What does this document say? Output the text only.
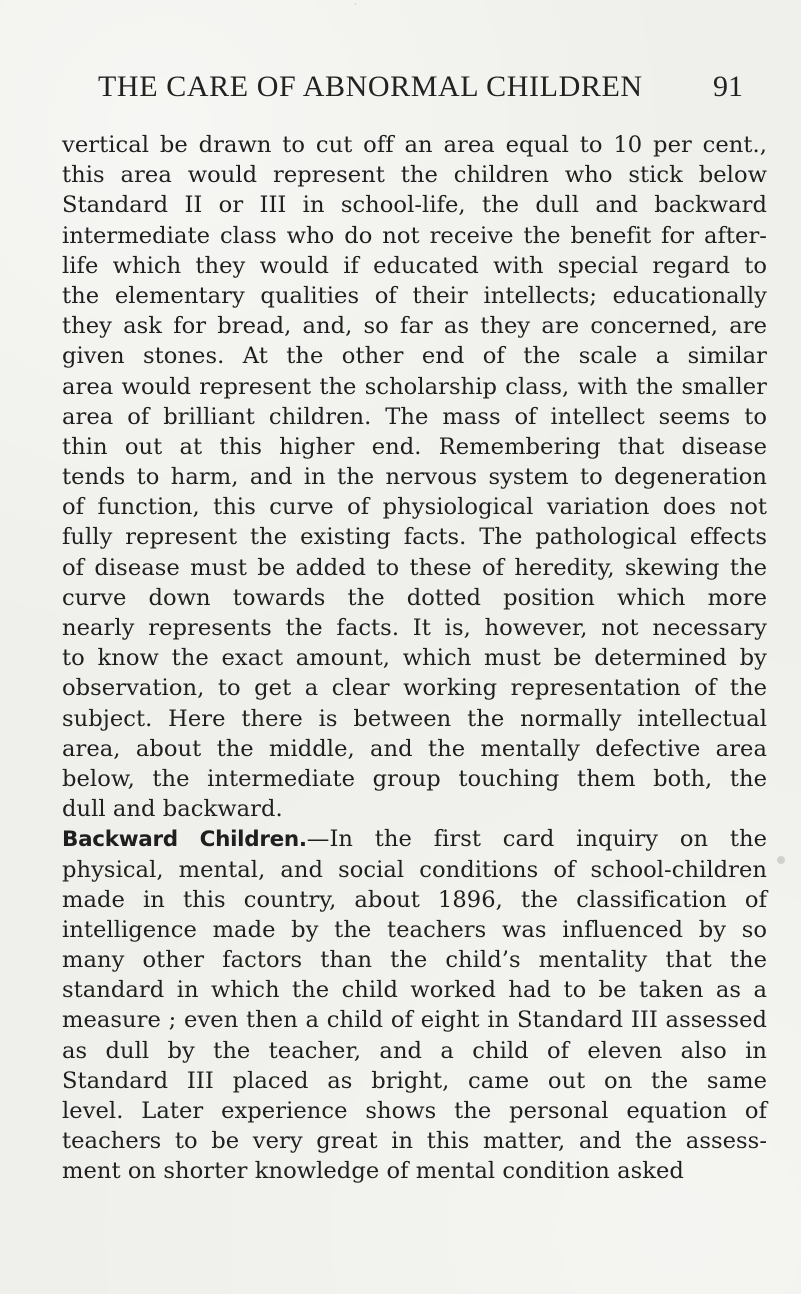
˙
THE CARE OF ABNORMAL CHILDREN 91
vertical be drawn to cut off an area equal to 10 per cent.,
this area would represent the children who stick below
Standard II or III in school-life, the dull and backward
intermediate class who do not receive the benefit for after-
life which they would if educated with special regard to
the elementary qualities of their intellects; educationally
they ask for bread, and, so far as they are concerned, are
given stones. At the other end of the scale a similar
area would represent the scholarship class, with the smaller
area of brilliant children. The mass of intellect seems to
thin out at this higher end. Remembering that disease
tends to harm, and in the nervous system to degeneration
of function, this curve of physiological variation does not
fully represent the existing facts. The pathological effects
of disease must be added to these of heredity, skewing the
curve down towards the dotted position which more
nearly represents the facts. It is, however, not necessary
to know the exact amount, which must be determined by
observation, to get a clear working representation of the
subject. Here there is between the normally intellectual
area, about the middle, and the mentally defective area
below, the intermediate group touching them both, the
dull and backward.
Backward Children.—In the first card inquiry on the
physical, mental, and social conditions of school-children
made in this country, about 1896, the classification of
intelligence made by the teachers was influenced by so
many other factors than the child’s mentality that the
standard in which the child worked had to be taken as a
measure ; even then a child of eight in Standard III assessed
as dull by the teacher, and a child of eleven also in
Standard III placed as bright, came out on the same
level. Later experience shows the personal equation of
teachers to be very great in this matter, and the assess-
ment on shorter knowledge of mental condition asked
